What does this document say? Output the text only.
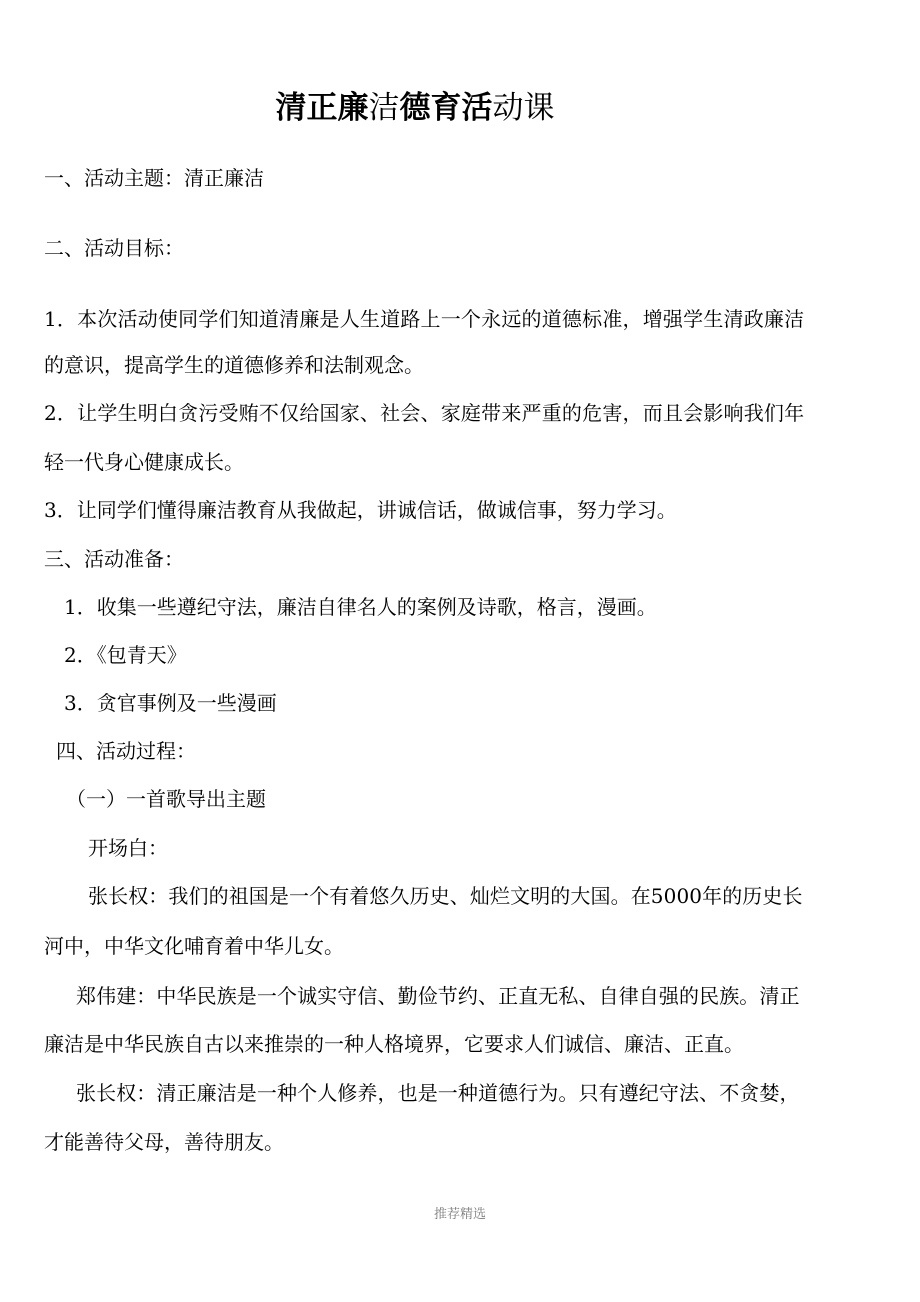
清正廉洁德育活动课
一、活动主题：清正廉洁
二、活动目标：
1．本次活动使同学们知道清廉是人生道路上一个永远的道德标准，增强学生清政廉洁
的意识，提高学生的道德修养和法制观念。
2．让学生明白贪污受贿不仅给国家、社会、家庭带来严重的危害，而且会影响我们年
轻一代身心健康成长。
3．让同学们懂得廉洁教育从我做起，讲诚信话，做诚信事，努力学习。
三、活动准备：
1．收集一些遵纪守法，廉洁自律名人的案例及诗歌，格言，漫画。
2．《包青天》
3．贪官事例及一些漫画
四、活动过程：
（一）一首歌导出主题
开场白：
张长权：我们的祖国是一个有着悠久历史、灿烂文明的大国。在5000年的历史长
河中，中华文化哺育着中华儿女。
郑伟建：中华民族是一个诚实守信、勤俭节约、正直无私、自律自强的民族。清正
廉洁是中华民族自古以来推崇的一种人格境界，它要求人们诚信、廉洁、正直。
张长权：清正廉洁是一种个人修养，也是一种道德行为。只有遵纪守法、不贪婪，
才能善待父母，善待朋友。
推荐精选
